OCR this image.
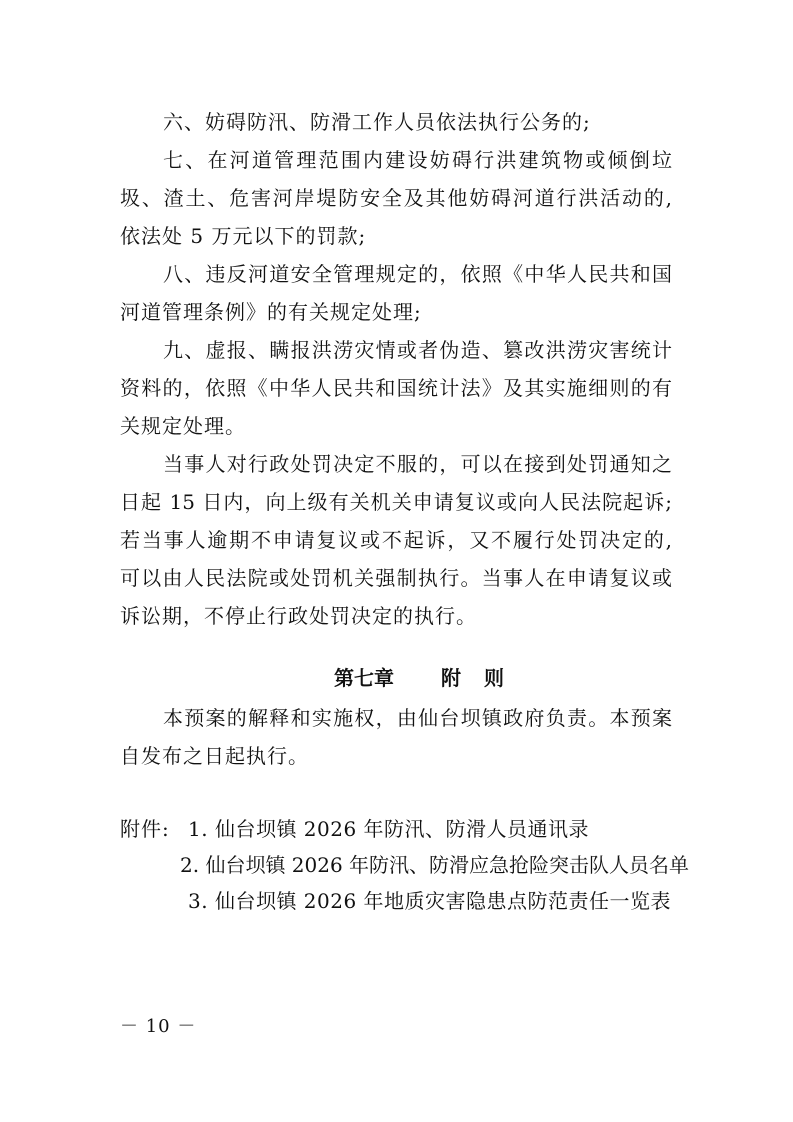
六、妨碍防汛、防滑工作人员依法执行公务的;
七、在河道管理范围内建设妨碍行洪建筑物或倾倒垃
圾、渣土、危害河岸堤防安全及其他妨碍河道行洪活动的,
依法处 5 万元以下的罚款;
八、违反河道安全管理规定的，依照《中华人民共和国
河道管理条例》的有关规定处理;
九、虚报、瞒报洪涝灾情或者伪造、篡改洪涝灾害统计
资料的，依照《中华人民共和国统计法》及其实施细则的有
关规定处理。
当事人对行政处罚决定不服的，可以在接到处罚通知之
日起 15 日内，向上级有关机关申请复议或向人民法院起诉;
若当事人逾期不申请复议或不起诉，又不履行处罚决定的,
可以由人民法院或处罚机关强制执行。当事人在申请复议或
诉讼期，不停止行政处罚决定的执行。
第七章 附 则
本预案的解释和实施权，由仙台坝镇政府负责。本预案
自发布之日起执行。
附件: 1. 仙台坝镇 2026 年防汛、防滑人员通讯录
2. 仙台坝镇 2026 年防汛、防滑应急抢险突击队人员名单
3. 仙台坝镇 2026 年地质灾害隐患点防范责任一览表
－ 10 －
